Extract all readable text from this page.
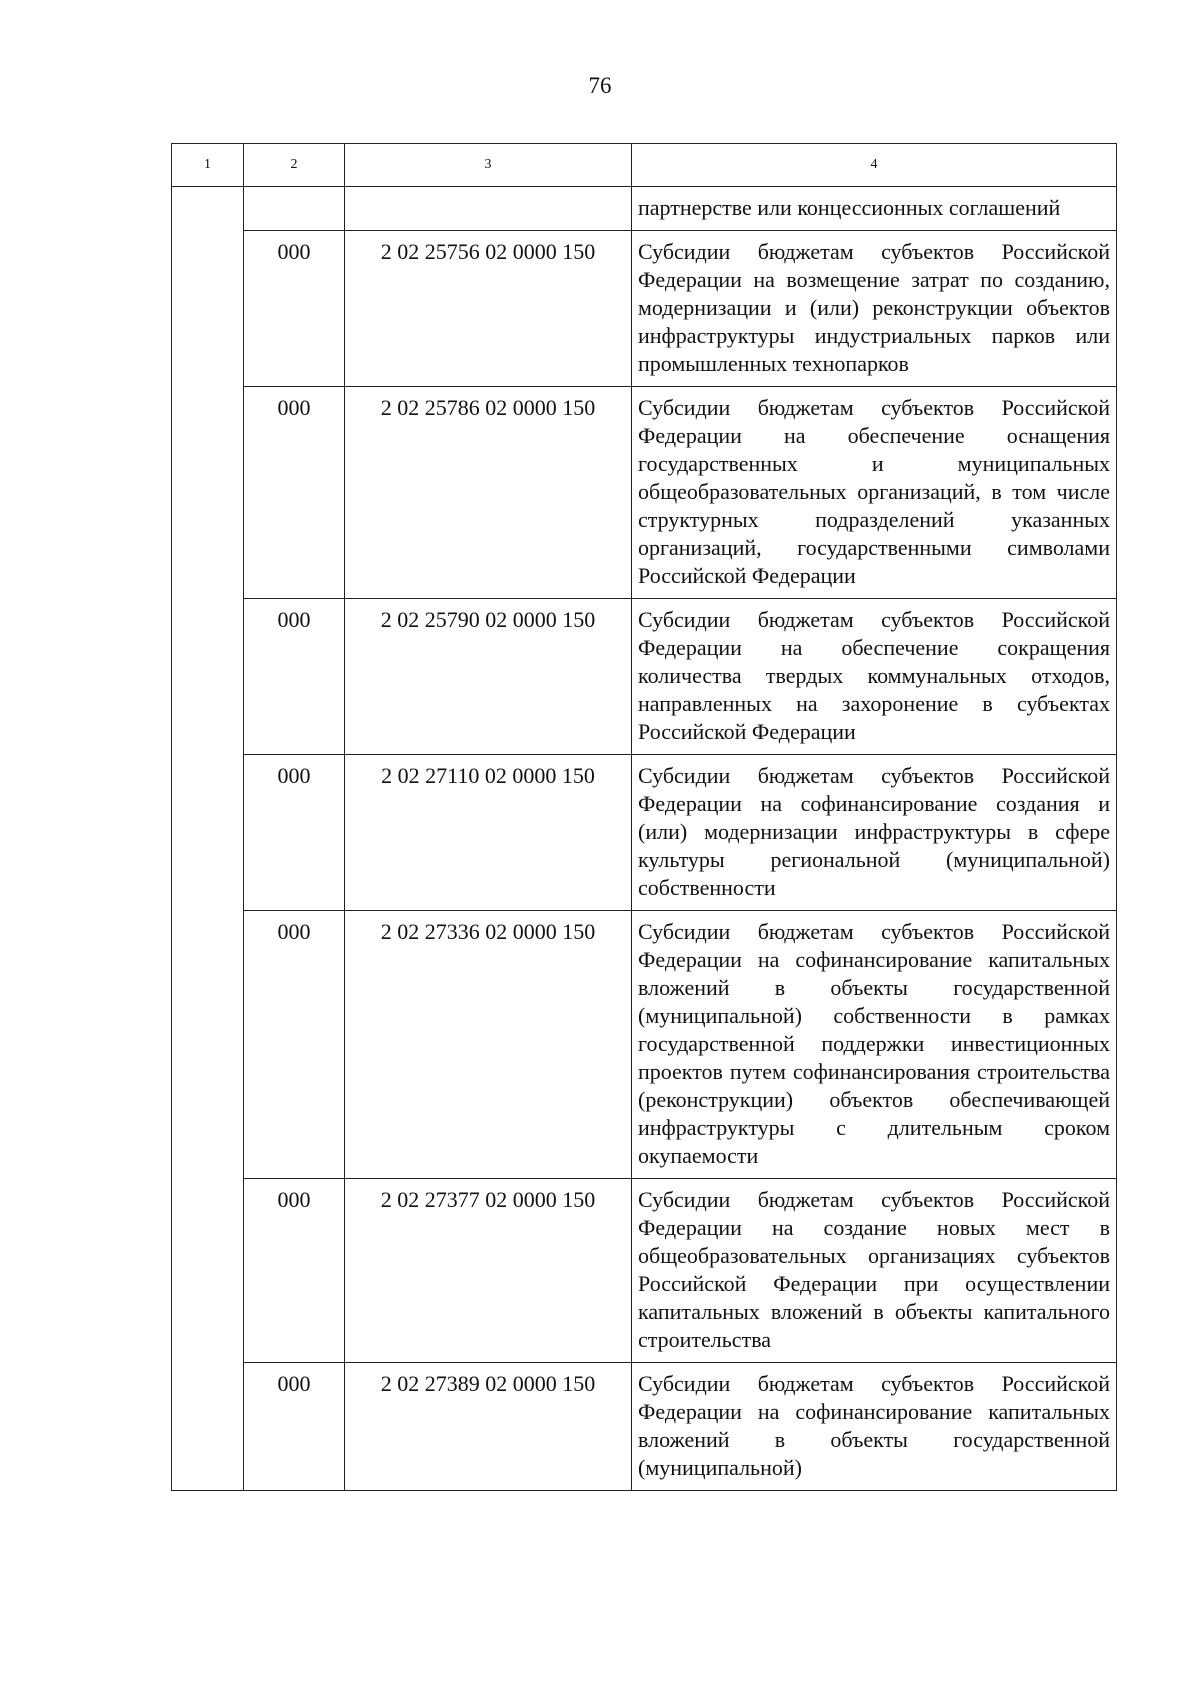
76
1	2	3	4
			партнерстве или концессионных соглашений
	000	2 02 25756 02 0000 150	Субсидии бюджетам субъектов Российской Федерации на возмещение затрат по созданию, модернизации и (или) реконструкции объектов инфраструктуры индустриальных парков или промышленных технопарков
	000	2 02 25786 02 0000 150	Субсидии бюджетам субъектов Российской Федерации на обеспечение оснащения государственных и муниципальных общеобразовательных организаций, в том числе структурных подразделений указанных организаций, государственными символами Российской Федерации
	000	2 02 25790 02 0000 150	Субсидии бюджетам субъектов Российской Федерации на обеспечение сокращения количества твердых коммунальных отходов, направленных на захоронение в субъектах Российской Федерации
	000	2 02 27110 02 0000 150	Субсидии бюджетам субъектов Российской Федерации на софинансирование создания и (или) модернизации инфраструктуры в сфере культуры региональной (муниципальной) собственности
	000	2 02 27336 02 0000 150	Субсидии бюджетам субъектов Российской Федерации на софинансирование капитальных вложений в объекты государственной (муниципальной) собственности в рамках государственной поддержки инвестиционных проектов путем софинансирования строительства (реконструкции) объектов обеспечивающей инфраструктуры с длительным сроком окупаемости
	000	2 02 27377 02 0000 150	Субсидии бюджетам субъектов Российской Федерации на создание новых мест в общеобразовательных организациях субъектов Российской Федерации при осуществлении капитальных вложений в объекты капитального строительства
	000	2 02 27389 02 0000 150	Субсидии бюджетам субъектов Российской Федерации на софинансирование капитальных вложений в объекты государственной (муниципальной)
